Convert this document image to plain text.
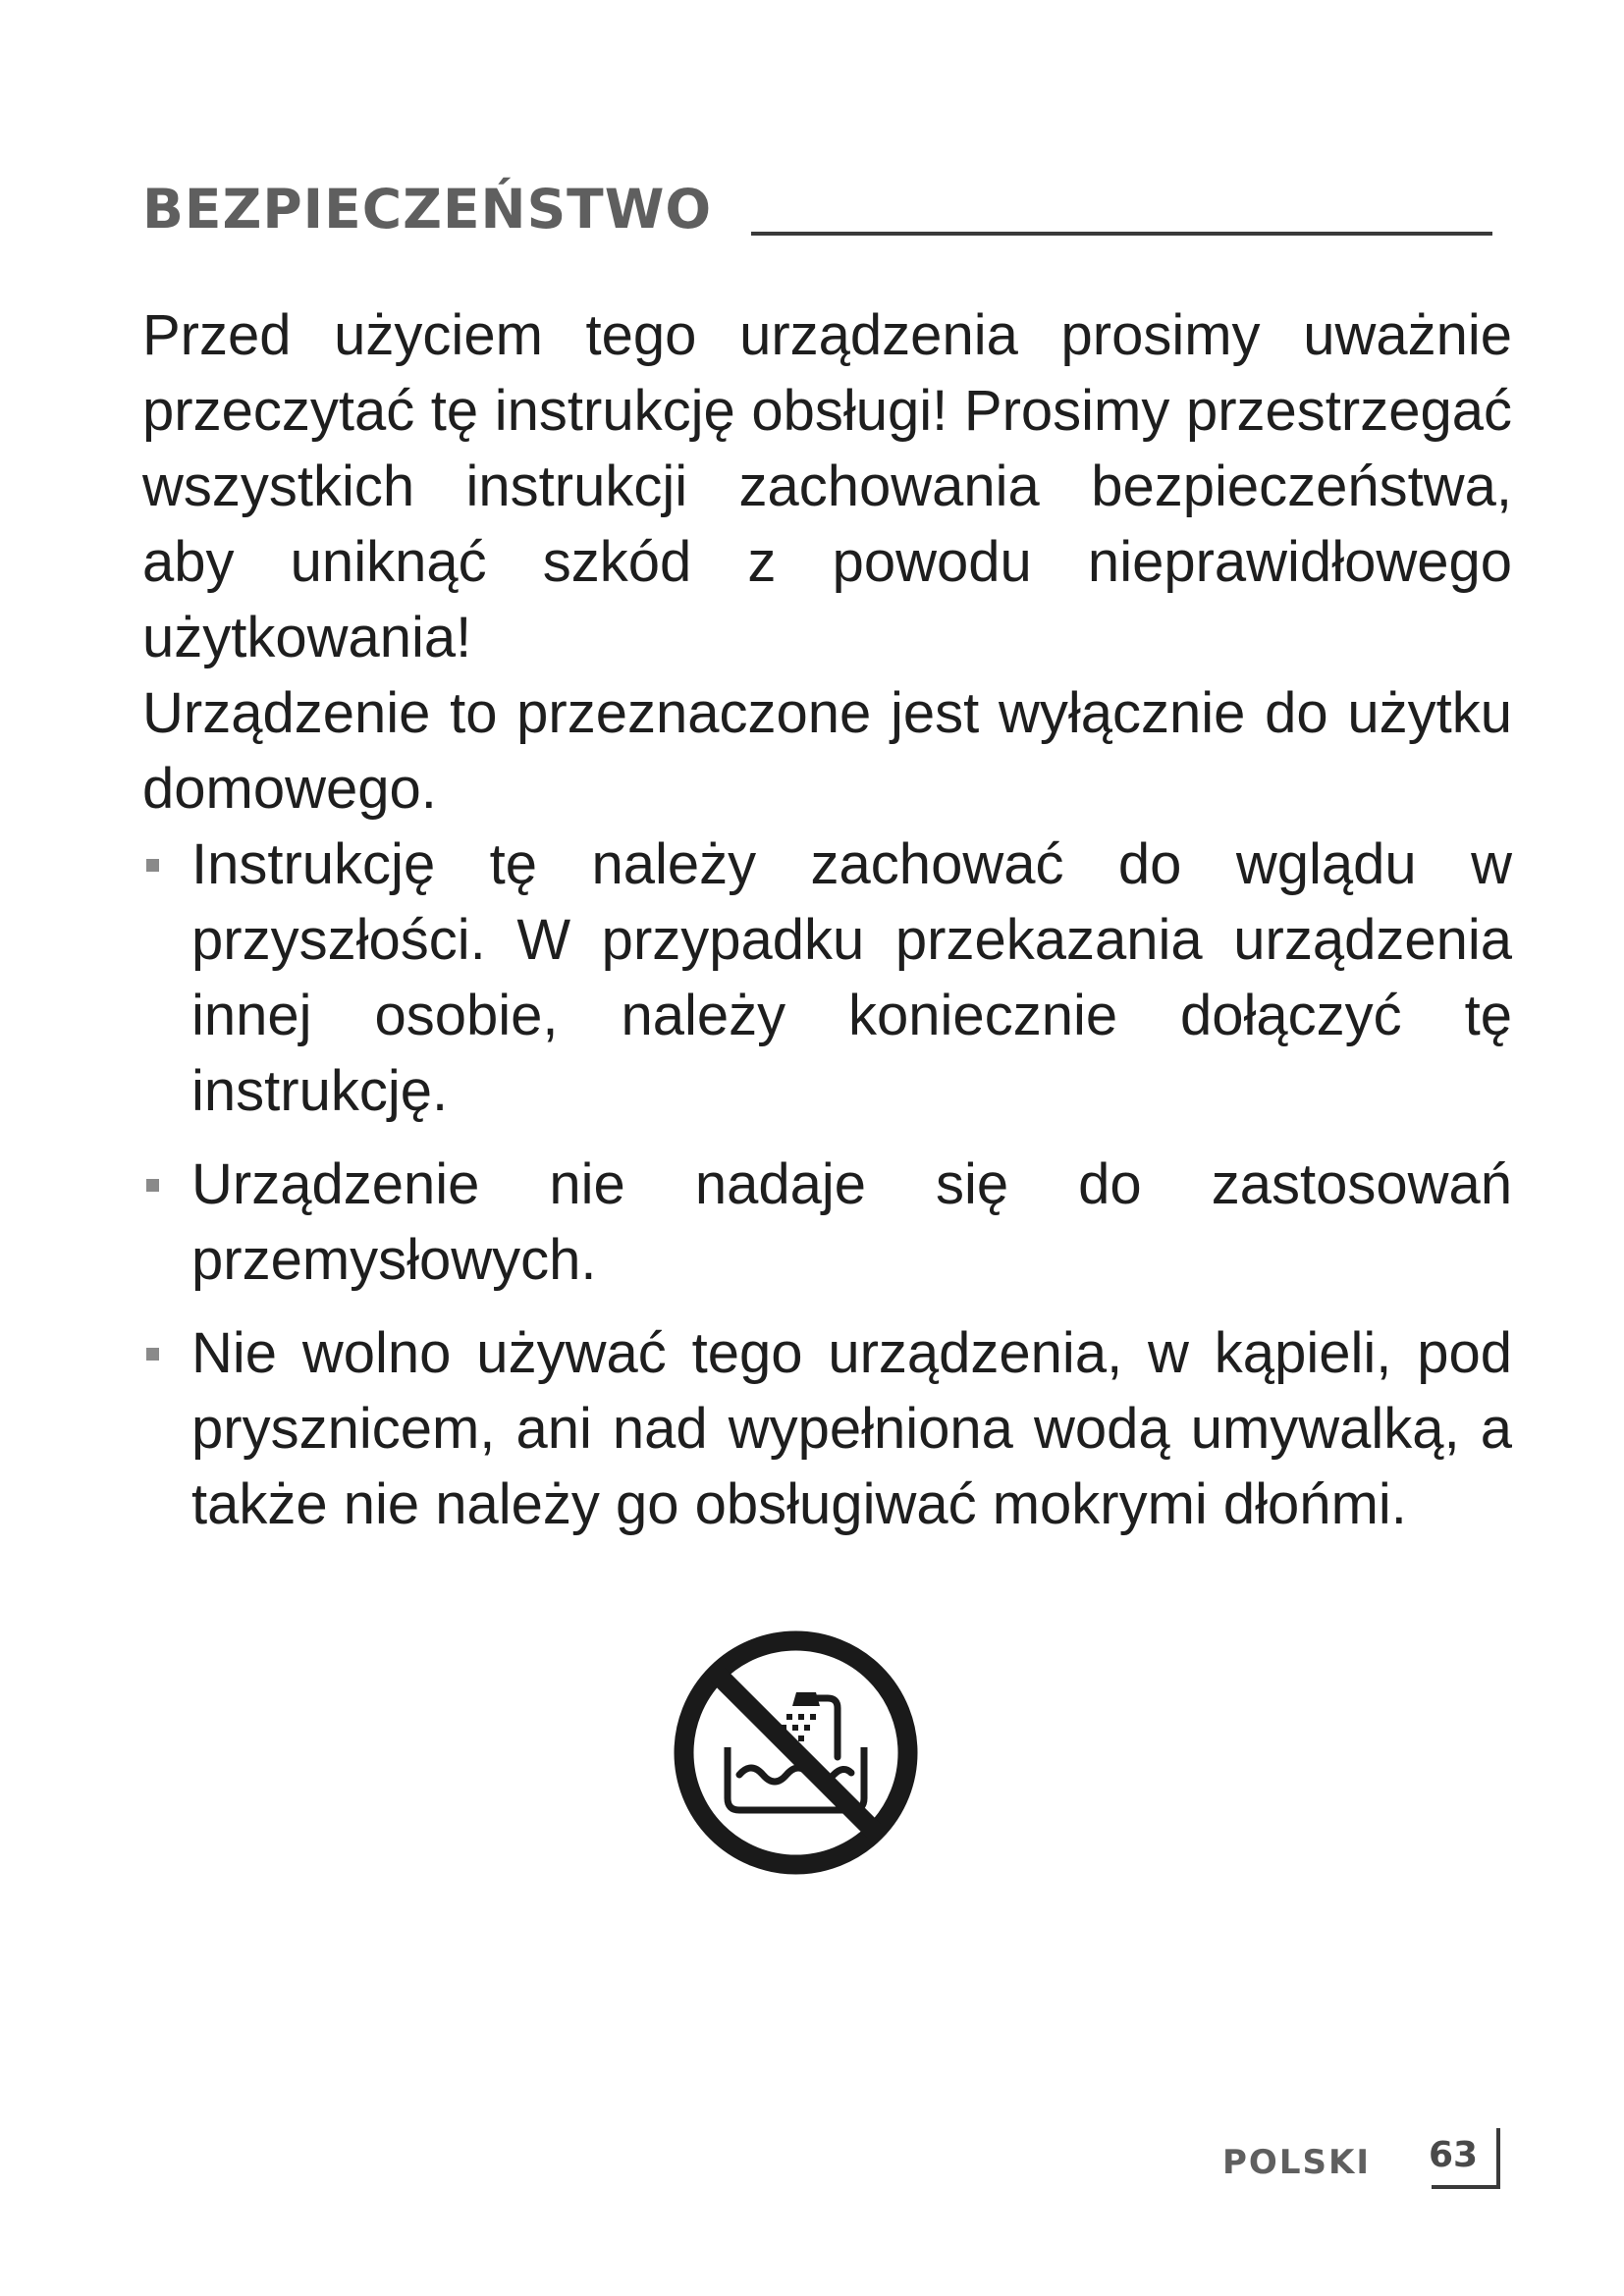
BEZPIECZEŃSTWO

Przed użyciem tego urządzenia prosimy uważnie przeczytać tę instrukcję obsługi! Prosimy przestrzegać wszystkich instrukcji zachowania bezpieczeństwa, aby uniknąć szkód z powodu nieprawidłowego użytkowania!

Urządzenie to przeznaczone jest wyłącznie do użytku domowego.

Instrukcję tę należy zachować do wglądu w przyszłości. W przypadku przekazania urządzenia innej osobie, należy koniecznie dołączyć tę instrukcję.
Urządzenie nie nadaje się do zastosowań przemysłowych.
Nie wolno używać tego urządzenia, w kąpieli, pod prysznicem, ani nad wypełniona wodą umywalką, a także nie należy go obsługiwać mokrymi dłońmi.
POLSKI 63
